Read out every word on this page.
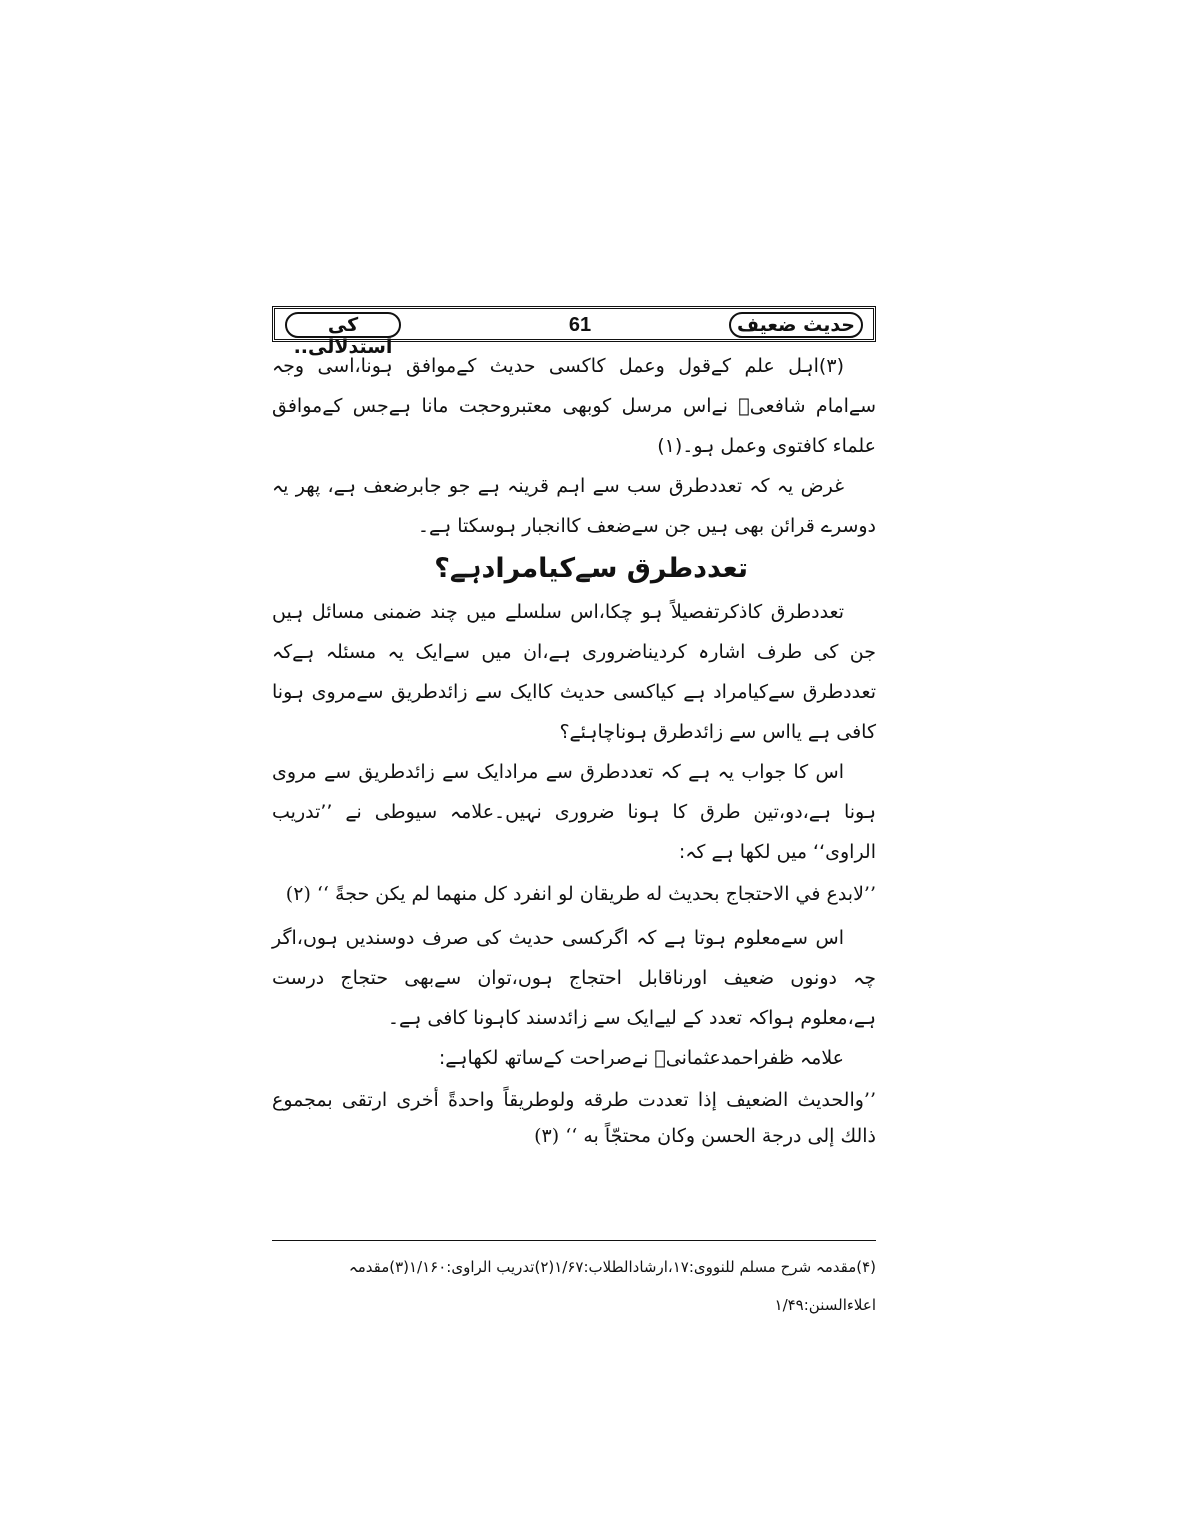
کی استدلالی..
61	حدیث ضعیف

(۳)اہل علم کےقول وعمل کاکسی حدیث کےموافق ہونا،اسی وجہ سےامام شافعیؒ نےاس مرسل کوبھی معتبروحجت مانا ہےجس کےموافق علماء کافتوی وعمل ہو۔(۱)

غرض یہ کہ تعددطرق سب سے اہم قرینہ ہے جو جابرضعف ہے، پھر یہ دوسرے قرائن بھی ہیں جن سےضعف کاانجبار ہوسکتا ہے۔

تعددطرق سےکیامرادہے؟

تعددطرق کاذکرتفصیلاً ہو چکا،اس سلسلے میں چند ضمنی مسائل ہیں جن کی طرف اشارہ کردیناضروری ہے،ان میں سےایک یہ مسئلہ ہےکہ تعددطرق سےکیامراد ہے کیاکسی حدیث کاایک سے زائدطریق سےمروی ہونا کافی ہے یااس سے زائدطرق ہوناچاہئے؟

اس کا جواب یہ ہے کہ تعددطرق سے مرادایک سے زائدطریق سے مروی ہونا ہے،دو،تین طرق کا ہونا ضروری نہیں۔علامہ سیوطی نے ’’تدریب الراوی‘‘ میں لکھا ہے کہ:

’’لابدع في الاحتجاج بحديث له طريقان لو انفرد كل منهما لم يكن حجةً ‘‘ (۲)

اس سےمعلوم ہوتا ہے کہ اگرکسی حدیث کی صرف دوسندیں ہوں،اگر چہ دونوں ضعیف اورناقابل احتجاج ہوں،توان سےبھی حتجاج درست ہے،معلوم ہواکہ تعدد کے لیےایک سے زائدسند کاہونا کافی ہے۔

علامہ ظفراحمدعثمانیؒ نےصراحت کےساتھ لکھاہے:

’’والحديث الضعيف إذا تعددت طرقه ولوطريقاً واحدةً أخرى ارتقى بمجموع ذالك إلى درجة الحسن وكان محتجّاً به ‘‘ (۳)

(۴)مقدمہ شرح مسلم للنووی:۱۷،ارشادالطلاب:۱/۶۷(۲)تدریب الراوی:۱/۱۶۰(۳)مقدمہ
اعلاءالسنن:۱/۴۹
